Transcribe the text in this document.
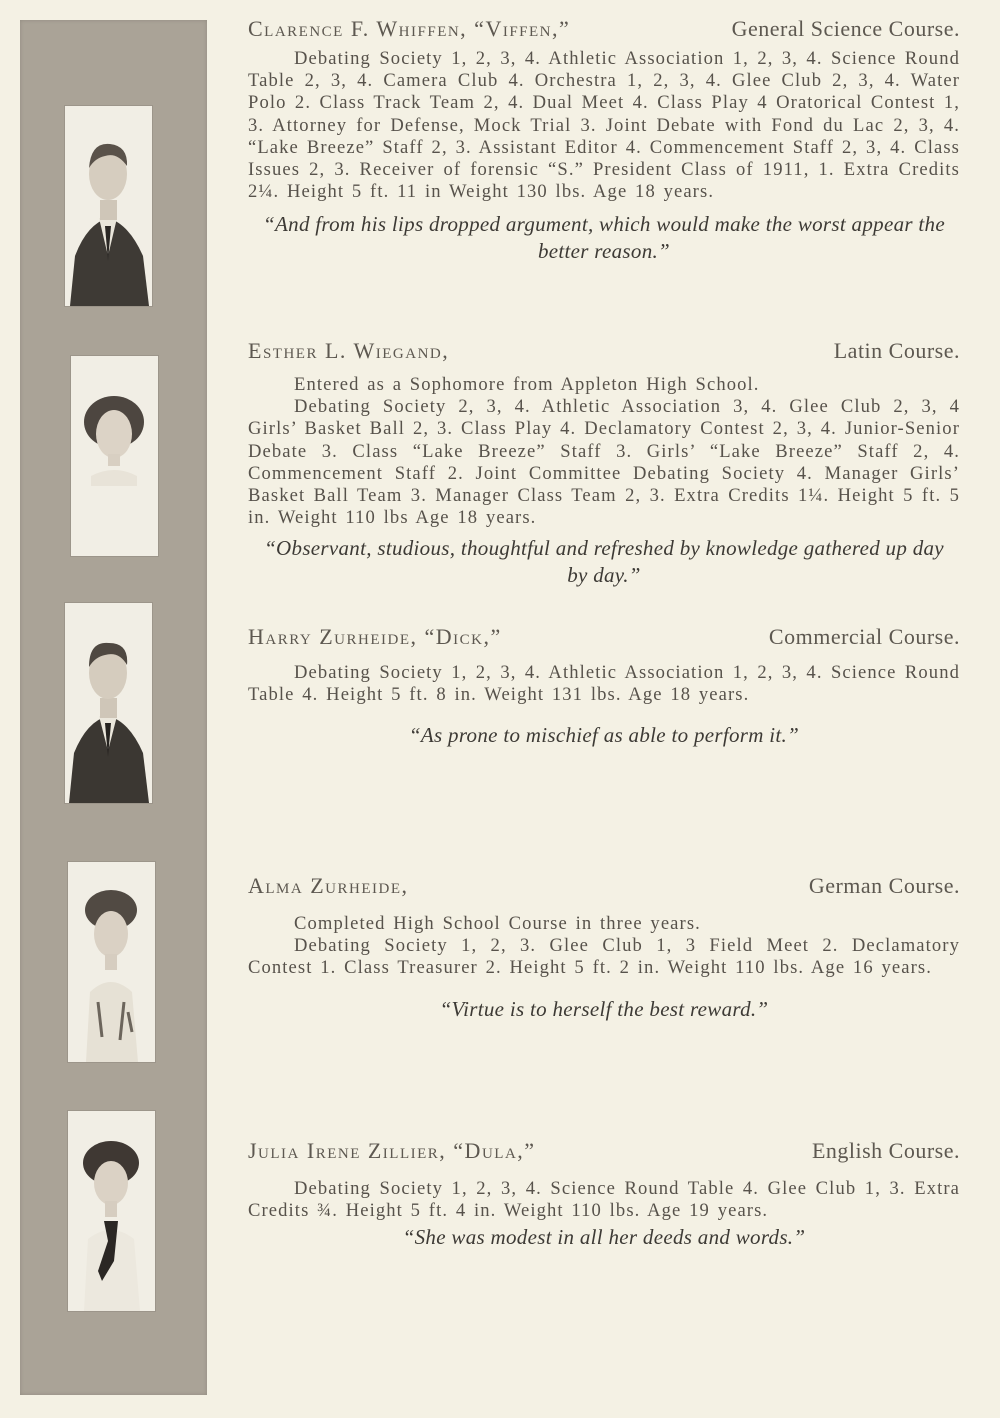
Clarence F. Whiffen, “Viffen,”	General Science Course.

Debating Society 1, 2, 3, 4. Athletic Association 1, 2, 3, 4. Science Round Table 2, 3, 4. Camera Club 4. Orchestra 1, 2, 3, 4. Glee Club 2, 3, 4. Water Polo 2. Class Track Team 2, 4. Dual Meet 4. Class Play 4 Oratorical Contest 1, 3. Attorney for Defense, Mock Trial 3. Joint Debate with Fond du Lac 2, 3, 4. “Lake Breeze” Staff 2, 3. Assistant Editor 4. Commencement Staff 2, 3, 4. Class Issues 2, 3. Receiver of forensic “S.” President Class of 1911, 1. Extra Credits 2¼. Height 5 ft. 11 in Weight 130 lbs. Age 18 years.

“And from his lips dropped argument, which would make the worst appear the better reason.”
Esther L. Wiegand,	Latin Course.

Entered as a Sophomore from Appleton High School.

Debating Society 2, 3, 4. Athletic Association 3, 4. Glee Club 2, 3, 4 Girls’ Basket Ball 2, 3. Class Play 4. Declamatory Contest 2, 3, 4. Junior-Senior Debate 3. Class “Lake Breeze” Staff 3. Girls’ “Lake Breeze” Staff 2, 4. Commencement Staff 2. Joint Committee Debating Society 4. Manager Girls’ Basket Ball Team 3. Manager Class Team 2, 3. Extra Credits 1¼. Height 5 ft. 5 in. Weight 110 lbs Age 18 years.

“Observant, studious, thoughtful and refreshed by knowledge gathered up day by day.”
Harry Zurheide, “Dick,”	Commercial Course.

Debating Society 1, 2, 3, 4. Athletic Association 1, 2, 3, 4. Science Round Table 4. Height 5 ft. 8 in. Weight 131 lbs. Age 18 years.

“As prone to mischief as able to perform it.”
Alma Zurheide,	German Course.

Completed High School Course in three years.

Debating Society 1, 2, 3. Glee Club 1, 3 Field Meet 2. Declamatory Contest 1. Class Treasurer 2. Height 5 ft. 2 in. Weight 110 lbs. Age 16 years.

“Virtue is to herself the best reward.”
Julia Irene Zillier, “Dula,”	English Course.

Debating Society 1, 2, 3, 4. Science Round Table 4. Glee Club 1, 3. Extra Credits ¾. Height 5 ft. 4 in. Weight 110 lbs. Age 19 years.

“She was modest in all her deeds and words.”
